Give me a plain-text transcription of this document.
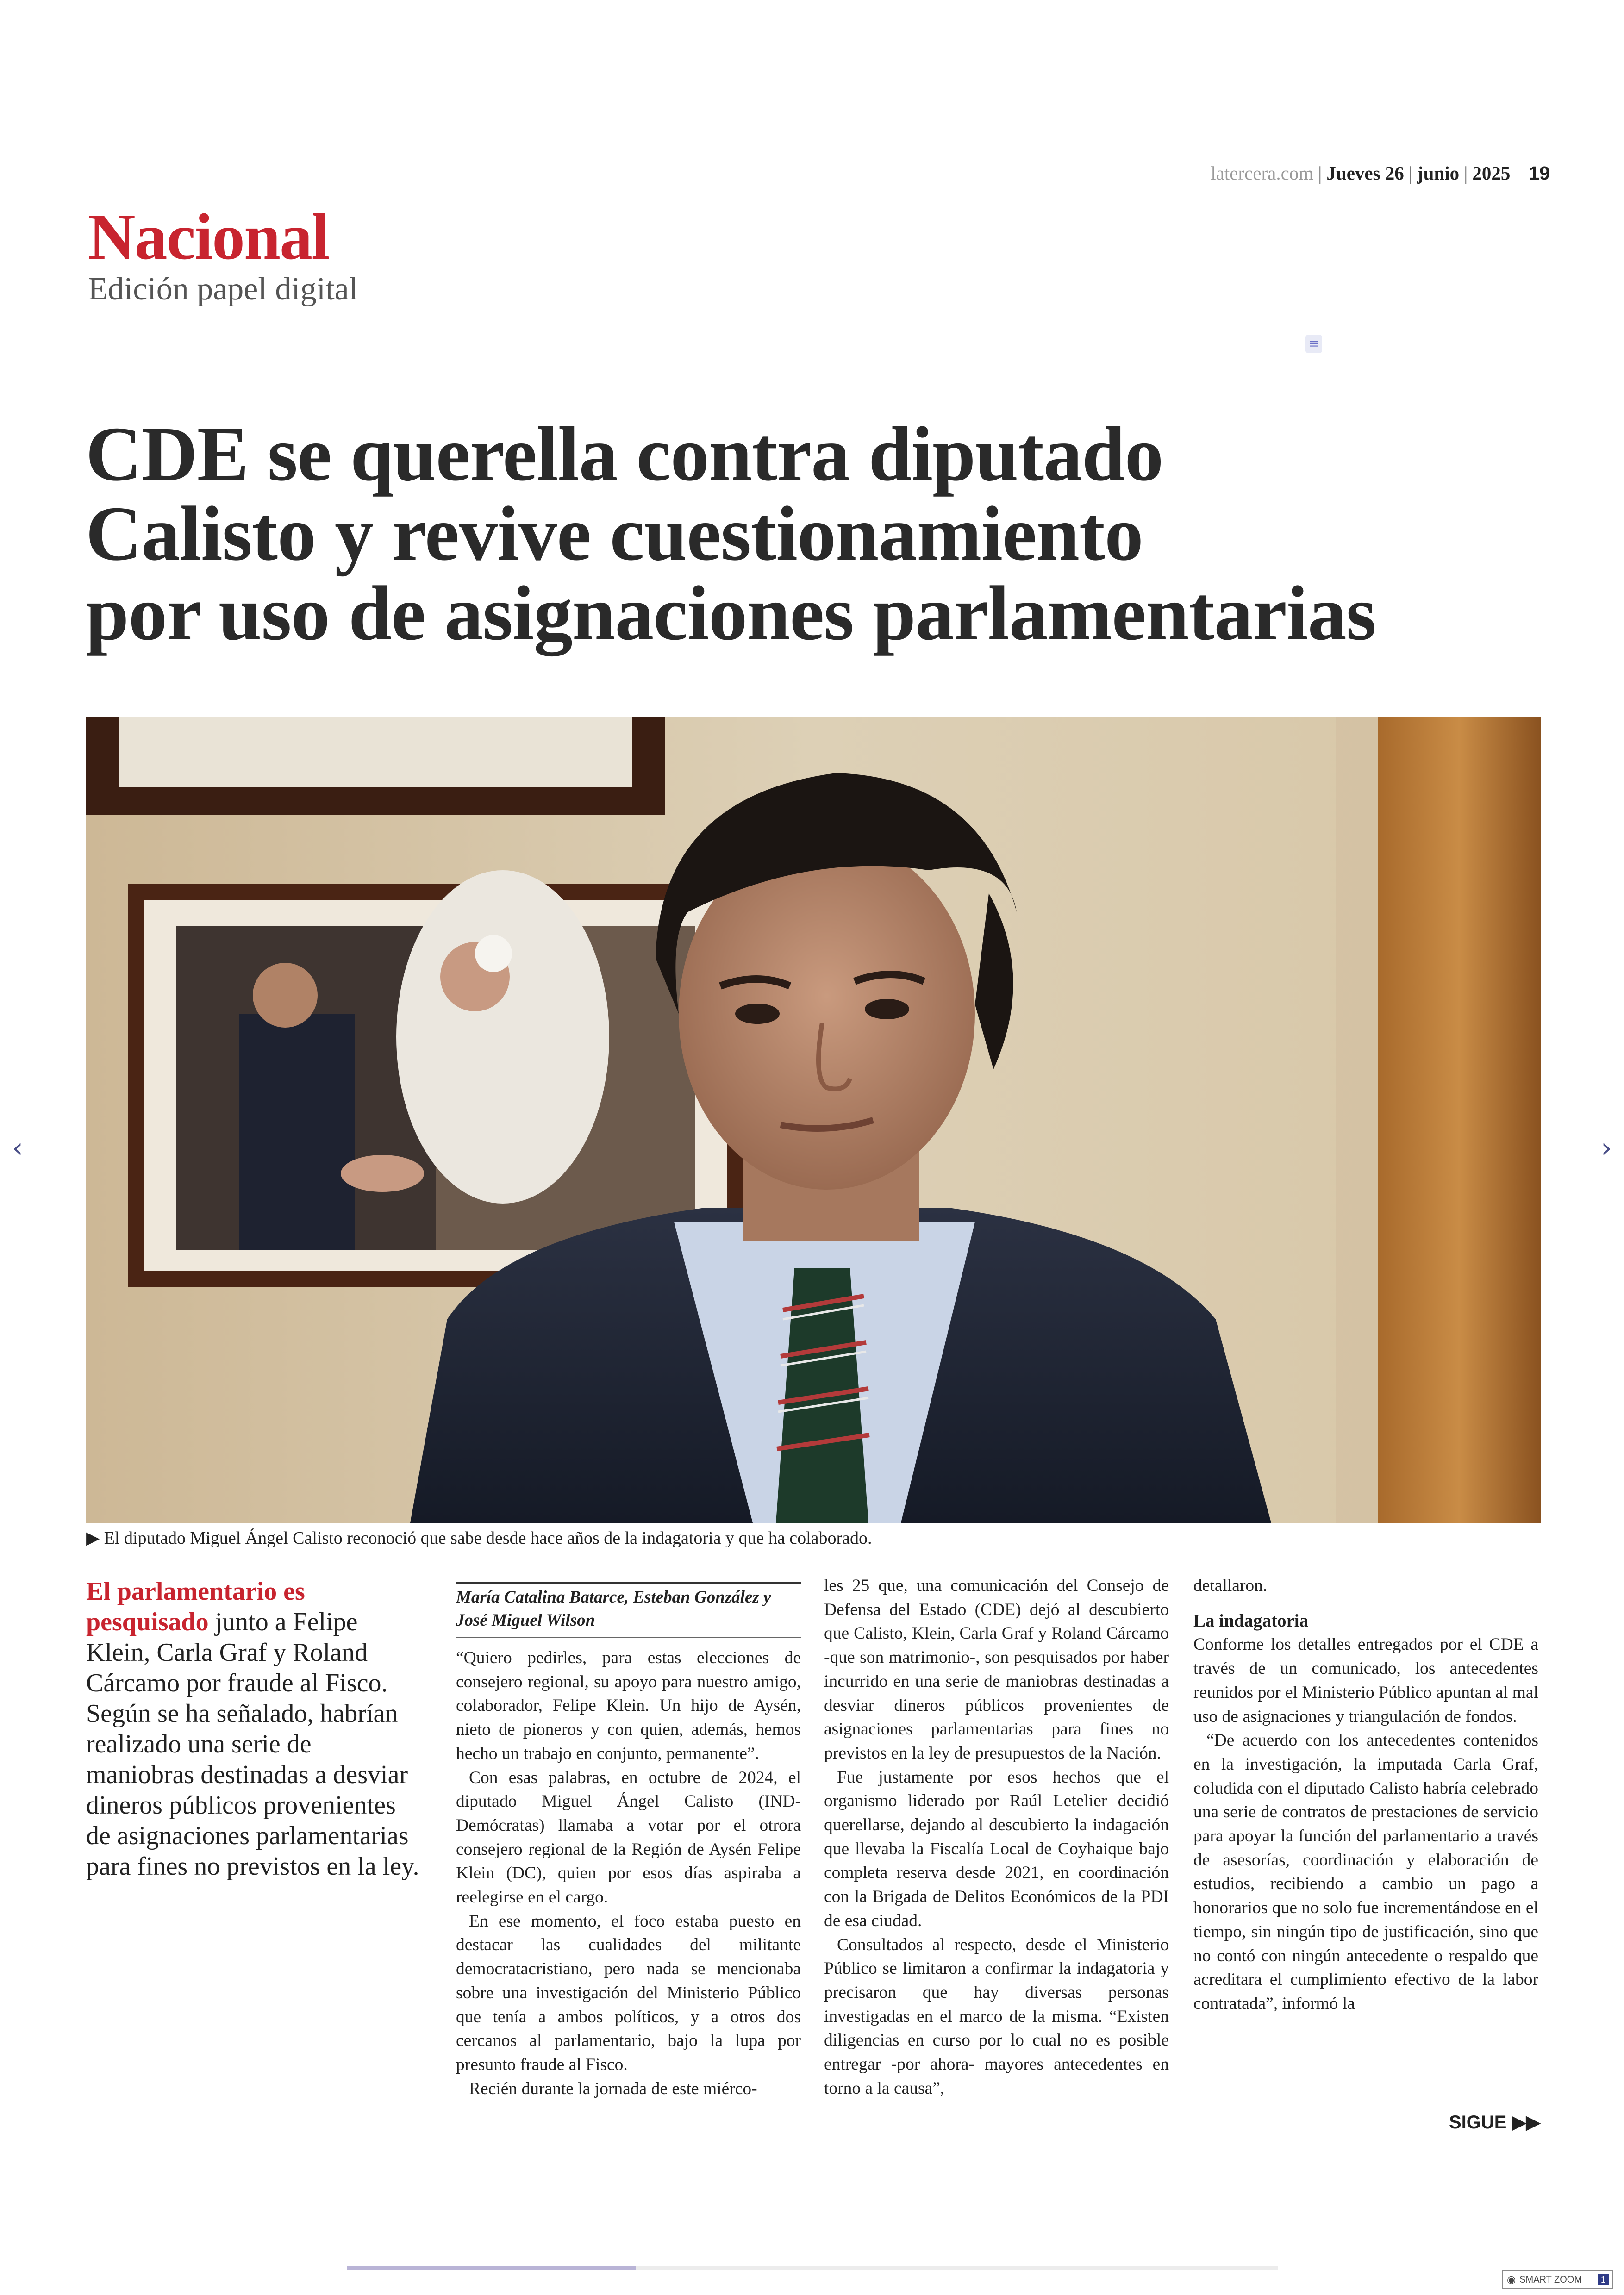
latercera.com | Jueves 26 | junio | 2025 19
Nacional
Edición papel digital
≡
CDE se querella contra diputado
Calisto y revive cuestionamiento
por uso de asignaciones parlamentarias
▶ El diputado Miguel Ángel Calisto reconoció que sabe desde hace años de la indagatoria y que ha colaborado.
‹	›
El parlamentario es pesquisado junto a Felipe Klein, Carla Graf y Roland Cárcamo por fraude al Fisco. Según se ha señalado, habrían realizado una serie de maniobras destinadas a desviar dineros públicos provenientes de asignaciones parlamentarias para fines no previstos en la ley.
María Catalina Batarce, Esteban González y José Miguel Wilson

“Quiero pedirles, para estas elecciones de consejero regional, su apoyo para nuestro amigo, colaborador, Felipe Klein. Un hijo de Aysén, nieto de pioneros y con quien, además, hemos hecho un trabajo en conjunto, permanente”.

Con esas palabras, en octubre de 2024, el diputado Miguel Ángel Calisto (IND-Demócratas) llamaba a votar por el otrora consejero regional de la Región de Aysén Felipe Klein (DC), quien por esos días aspiraba a reelegirse en el cargo.

En ese momento, el foco estaba puesto en destacar las cualidades del militante democratacristiano, pero nada se mencionaba sobre una investigación del Ministerio Público que tenía a ambos políticos, y a otros dos cercanos al parlamentario, bajo la lupa por presunto fraude al Fisco.

Recién durante la jornada de este miérco-

les 25 que, una comunicación del Consejo de Defensa del Estado (CDE) dejó al descubierto que Calisto, Klein, Carla Graf y Roland Cárcamo -que son matrimonio-, son pesquisados por haber incurrido en una serie de maniobras destinadas a desviar dineros públicos provenientes de asignaciones parlamentarias para fines no previstos en la ley de presupuestos de la Nación.

Fue justamente por esos hechos que el organismo liderado por Raúl Letelier decidió querellarse, dejando al descubierto la indagación que llevaba la Fiscalía Local de Coyhaique bajo completa reserva desde 2021, en coordinación con la Brigada de Delitos Económicos de la PDI de esa ciudad.

Consultados al respecto, desde el Ministerio Público se limitaron a confirmar la indagatoria y precisaron que hay diversas personas investigadas en el marco de la misma. “Existen diligencias en curso por lo cual no es posible entregar -por ahora- mayores antecedentes en torno a la causa”,

detallaron.

La indagatoria

Conforme los detalles entregados por el CDE a través de un comunicado, los antecedentes reunidos por el Ministerio Público apuntan al mal uso de asignaciones y triangulación de fondos.

“De acuerdo con los antecedentes contenidos en la investigación, la imputada Carla Graf, coludida con el diputado Calisto habría celebrado una serie de contratos de prestaciones de servicio para apoyar la función del parlamentario a través de asesorías, coordinación y elaboración de estudios, recibiendo a cambio un pago a honorarios que no solo fue incrementándose en el tiempo, sin ningún tipo de justificación, sino que no contó con ningún antecedente o respaldo que acreditara el cumplimiento efectivo de la labor contratada”, informó la

SIGUE ▶▶
◉ SMART ZOOM	1
